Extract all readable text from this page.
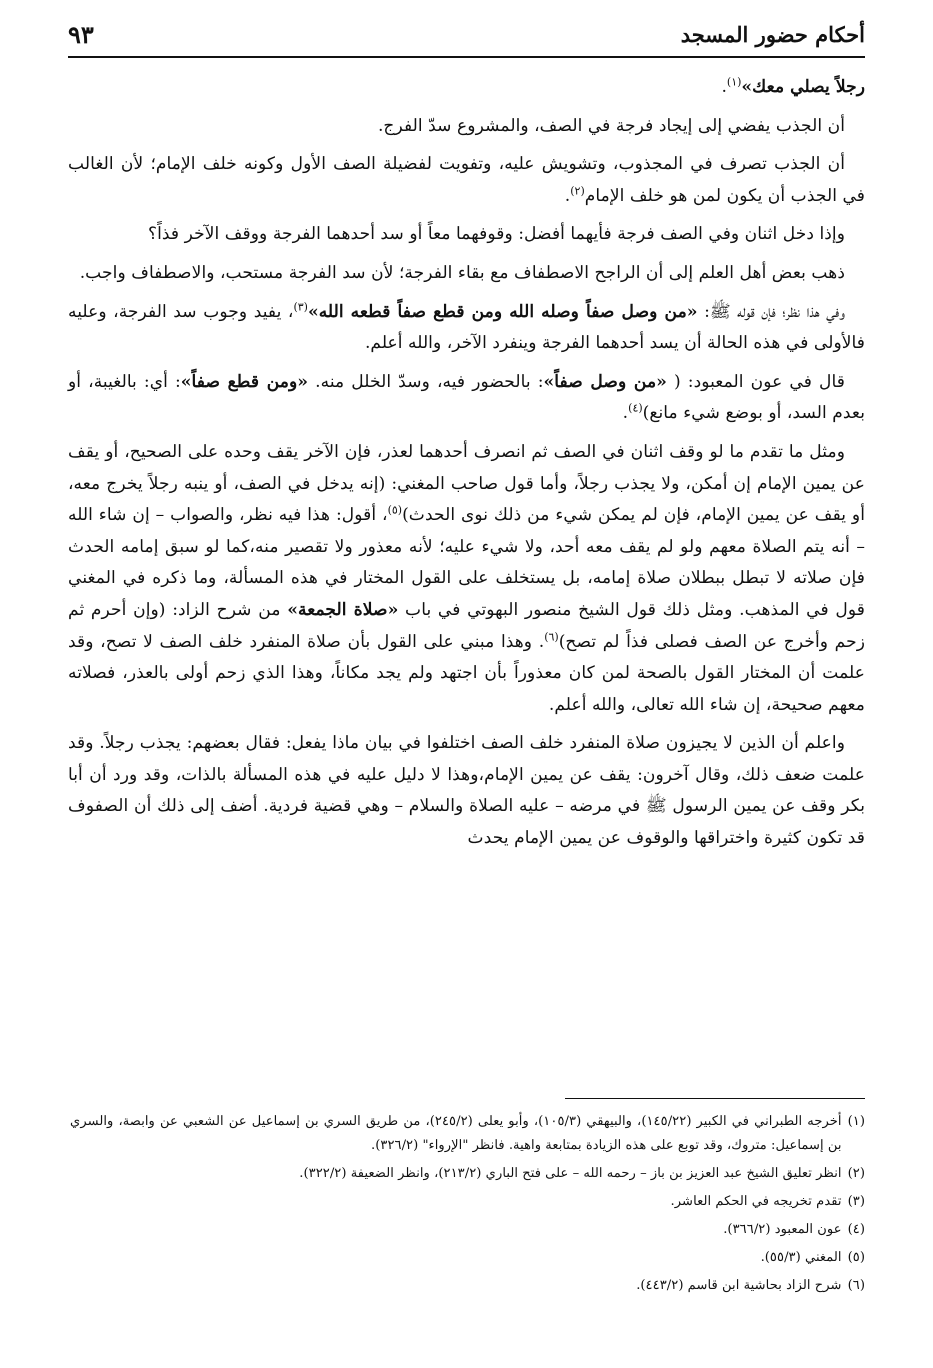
أحكام حضور المسجد
٩٣

رجلاً يصلي معك»$^{(١)}$.

أن الجذب يفضي إلى إيجاد فرجة في الصف، والمشروع سدّ الفرج.

أن الجذب تصرف في المجذوب، وتشويش عليه، وتفويت لفضيلة الصف الأول وكونه خلف الإمام؛ لأن الغالب في الجذب أن يكون لمن هو خلف الإمام$^{(٢)}$.

وإذا دخل اثنان وفي الصف فرجة فأيهما أفضل: وقوفهما معاً أو سد أحدهما الفرجة ووقف الآخر فذاً؟

ذهب بعض أهل العلم إلى أن الراجح الاصطفاف مع بقاء الفرجة؛ لأن سد الفرجة مستحب، والاصطفاف واجب.

وفي هذا نظر؛ فإن قوله ﷺ: «من وصل صفاً وصله الله ومن قطع صفاً قطعه الله»$^{(٣)}$، يفيد وجوب سد الفرجة، وعليه فالأولى في هذه الحالة أن يسد أحدهما الفرجة وينفرد الآخر، والله أعلم.

قال في عون المعبود: ( «من وصل صفاً»: بالحضور فيه، وسدّ الخلل منه. «ومن قطع صفاً»: أي: بالغيبة، أو بعدم السد، أو بوضع شيء مانع)$^{(٤)}$.

ومثل ما تقدم ما لو وقف اثنان في الصف ثم انصرف أحدهما لعذر، فإن الآخر يقف وحده على الصحيح، أو يقف عن يمين الإمام إن أمكن، ولا يجذب رجلاً، وأما قول صاحب المغني: (إنه يدخل في الصف، أو ينبه رجلاً يخرج معه، أو يقف عن يمين الإمام، فإن لم يمكن شيء من ذلك نوى الحدث)$^{(٥)}$، أقول: هذا فيه نظر، والصواب – إن شاء الله – أنه يتم الصلاة معهم ولو لم يقف معه أحد، ولا شيء عليه؛ لأنه معذور ولا تقصير منه،كما لو سبق إمامه الحدث فإن صلاته لا تبطل ببطلان صلاة إمامه، بل يستخلف على القول المختار في هذه المسألة، وما ذكره في المغني قول في المذهب. ومثل ذلك قول الشيخ منصور البهوتي في باب «صلاة الجمعة» من شرح الزاد: (وإن أحرم ثم زحم وأخرج عن الصف فصلى فذاً لم تصح)$^{(٦)}$. وهذا مبني على القول بأن صلاة المنفرد خلف الصف لا تصح، وقد علمت أن المختار القول بالصحة لمن كان معذوراً بأن اجتهد ولم يجد مكاناً، وهذا الذي زحم أولى بالعذر، فصلاته معهم صحيحة، إن شاء الله تعالى، والله أعلم.

واعلم أن الذين لا يجيزون صلاة المنفرد خلف الصف اختلفوا في بيان ماذا يفعل: فقال بعضهم: يجذب رجلاً. وقد علمت ضعف ذلك، وقال آخرون: يقف عن يمين الإمام،وهذا لا دليل عليه في هذه المسألة بالذات، وقد ورد أن أبا بكر وقف عن يمين الرسول ﷺ في مرضه – عليه الصلاة والسلام – وهي قضية فردية. أضف إلى ذلك أن الصفوف قد تكون كثيرة واختراقها والوقوف عن يمين الإمام يحدث

(١)
أخرجه الطبراني في الكبير (١٤٥/٢٢)، والبيهقي (١٠٥/٣)، وأبو يعلى (٢٤٥/٢)، من طريق السري بن إسماعيل عن الشعبي عن وابصة، والسري بن إسماعيل: متروك، وقد توبع على هذه الزيادة بمتابعة واهية. فانظر "الإرواء" (٣٢٦/٢).
(٢)
انظر تعليق الشيخ عبد العزيز بن باز – رحمه الله – على فتح الباري (٢١٣/٢)، وانظر الضعيفة (٣٢٢/٢).
(٣)
تقدم تخريجه في الحكم العاشر.
(٤)
عون المعبود (٣٦٦/٢).
(٥)
المغني (٥٥/٣).
(٦)
شرح الزاد بحاشية ابن قاسم (٤٤٣/٢).
